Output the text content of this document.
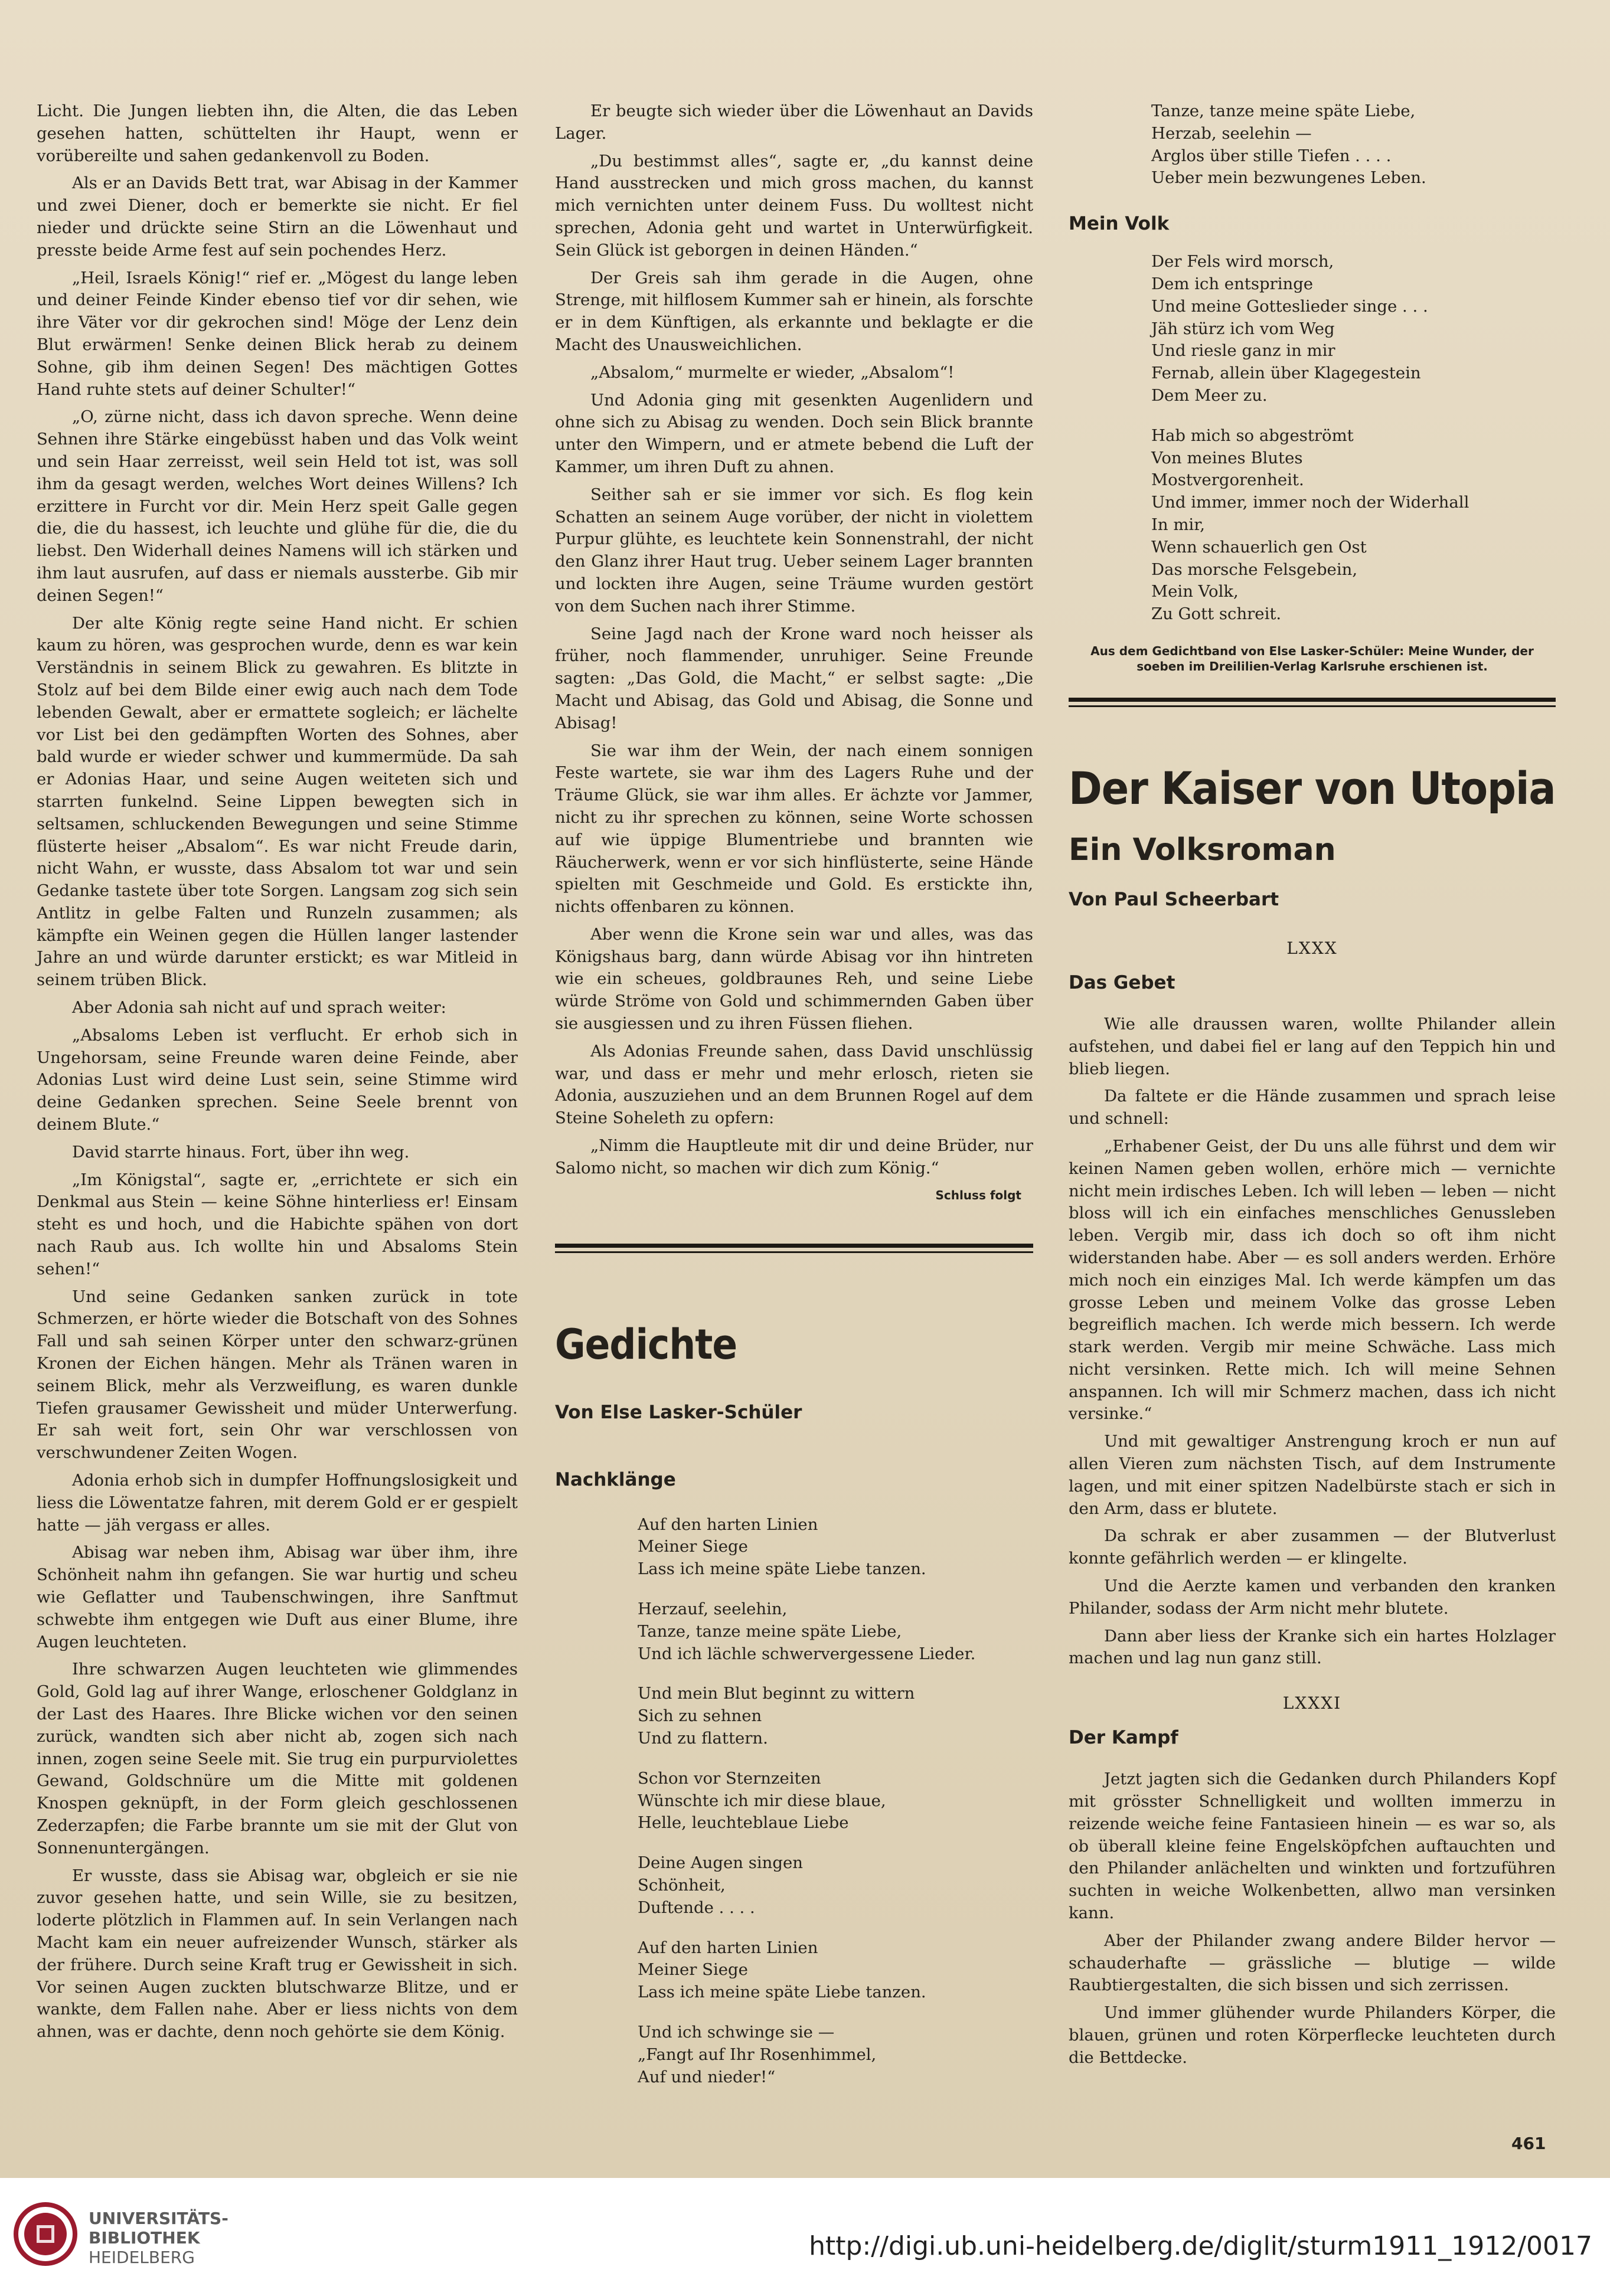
Licht. Die Jungen liebten ihn, die Alten, die das Leben gesehen hatten, schüttelten ihr Haupt, wenn er vorübereilte und sahen gedankenvoll zu Boden.

Als er an Davids Bett trat, war Abisag in der Kammer und zwei Diener, doch er bemerkte sie nicht. Er fiel nieder und drückte seine Stirn an die Löwenhaut und presste beide Arme fest auf sein pochendes Herz.

„Heil, Israels König!“ rief er. „Mögest du lange leben und deiner Feinde Kinder ebenso tief vor dir sehen, wie ihre Väter vor dir gekrochen sind! Möge der Lenz dein Blut erwärmen! Senke deinen Blick herab zu deinem Sohne, gib ihm deinen Segen! Des mächtigen Gottes Hand ruhte stets auf deiner Schulter!“

„O, zürne nicht, dass ich davon spreche. Wenn deine Sehnen ihre Stärke eingebüsst haben und das Volk weint und sein Haar zerreisst, weil sein Held tot ist, was soll ihm da gesagt werden, welches Wort deines Willens? Ich erzittere in Furcht vor dir. Mein Herz speit Galle gegen die, die du hassest, ich leuchte und glühe für die, die du liebst. Den Widerhall deines Namens will ich stärken und ihm laut ausrufen, auf dass er niemals aussterbe. Gib mir deinen Segen!“

Der alte König regte seine Hand nicht. Er schien kaum zu hören, was gesprochen wurde, denn es war kein Verständnis in seinem Blick zu gewahren. Es blitzte in Stolz auf bei dem Bilde einer ewig auch nach dem Tode lebenden Gewalt, aber er ermattete sogleich; er lächelte vor List bei den gedämpften Worten des Sohnes, aber bald wurde er wieder schwer und kummermüde. Da sah er Adonias Haar, und seine Augen weiteten sich und starrten funkelnd. Seine Lippen bewegten sich in seltsamen, schluckenden Bewegungen und seine Stimme flüsterte heiser „Absalom“. Es war nicht Freude darin, nicht Wahn, er wusste, dass Absalom tot war und sein Gedanke tastete über tote Sorgen. Langsam zog sich sein Antlitz in gelbe Falten und Runzeln zusammen; als kämpfte ein Weinen gegen die Hüllen langer lastender Jahre an und würde darunter erstickt; es war Mitleid in seinem trüben Blick.

Aber Adonia sah nicht auf und sprach weiter:

„Absaloms Leben ist verflucht. Er erhob sich in Ungehorsam, seine Freunde waren deine Feinde, aber Adonias Lust wird deine Lust sein, seine Stimme wird deine Gedanken sprechen. Seine Seele brennt von deinem Blute.“

David starrte hinaus. Fort, über ihn weg.

„Im Königstal“, sagte er, „errichtete er sich ein Denkmal aus Stein — keine Söhne hinterliess er! Einsam steht es und hoch, und die Habichte spähen von dort nach Raub aus. Ich wollte hin und Absaloms Stein sehen!“

Und seine Gedanken sanken zurück in tote Schmerzen, er hörte wieder die Botschaft von des Sohnes Fall und sah seinen Körper unter den schwarz-grünen Kronen der Eichen hängen. Mehr als Tränen waren in seinem Blick, mehr als Verzweiflung, es waren dunkle Tiefen grausamer Gewissheit und müder Unterwerfung. Er sah weit fort, sein Ohr war verschlossen von verschwundener Zeiten Wogen.

Adonia erhob sich in dumpfer Hoffnungslosigkeit und liess die Löwentatze fahren, mit derem Gold er er gespielt hatte — jäh vergass er alles.

Abisag war neben ihm, Abisag war über ihm, ihre Schönheit nahm ihn gefangen. Sie war hurtig und scheu wie Geflatter und Taubenschwingen, ihre Sanftmut schwebte ihm entgegen wie Duft aus einer Blume, ihre Augen leuchteten.

Ihre schwarzen Augen leuchteten wie glimmendes Gold, Gold lag auf ihrer Wange, erloschener Goldglanz in der Last des Haares. Ihre Blicke wichen vor den seinen zurück, wandten sich aber nicht ab, zogen sich nach innen, zogen seine Seele mit. Sie trug ein purpurviolettes Gewand, Goldschnüre um die Mitte mit goldenen Knospen geknüpft, in der Form gleich geschlossenen Zederzapfen; die Farbe brannte um sie mit der Glut von Sonnenuntergängen.

Er wusste, dass sie Abisag war, obgleich er sie nie zuvor gesehen hatte, und sein Wille, sie zu besitzen, loderte plötzlich in Flammen auf. In sein Verlangen nach Macht kam ein neuer aufreizender Wunsch, stärker als der frühere. Durch seine Kraft trug er Gewissheit in sich. Vor seinen Augen zuckten blutschwarze Blitze, und er wankte, dem Fallen nahe. Aber er liess nichts von dem ahnen, was er dachte, denn noch gehörte sie dem König.

Er beugte sich wieder über die Löwenhaut an Davids Lager.

„Du bestimmst alles“, sagte er, „du kannst deine Hand ausstrecken und mich gross machen, du kannst mich vernichten unter deinem Fuss. Du wolltest nicht sprechen, Adonia geht und wartet in Unterwürfigkeit. Sein Glück ist geborgen in deinen Händen.“

Der Greis sah ihm gerade in die Augen, ohne Strenge, mit hilflosem Kummer sah er hinein, als forschte er in dem Künftigen, als erkannte und beklagte er die Macht des Unausweichlichen.

„Absalom,“ murmelte er wieder, „Absalom“!

Und Adonia ging mit gesenkten Augenlidern und ohne sich zu Abisag zu wenden. Doch sein Blick brannte unter den Wimpern, und er atmete bebend die Luft der Kammer, um ihren Duft zu ahnen.

Seither sah er sie immer vor sich. Es flog kein Schatten an seinem Auge vorüber, der nicht in violettem Purpur glühte, es leuchtete kein Sonnenstrahl, der nicht den Glanz ihrer Haut trug. Ueber seinem Lager brannten und lockten ihre Augen, seine Träume wurden gestört von dem Suchen nach ihrer Stimme.

Seine Jagd nach der Krone ward noch heisser als früher, noch flammender, unruhiger. Seine Freunde sagten: „Das Gold, die Macht,“ er selbst sagte: „Die Macht und Abisag, das Gold und Abisag, die Sonne und Abisag!

Sie war ihm der Wein, der nach einem sonnigen Feste wartete, sie war ihm des Lagers Ruhe und der Träume Glück, sie war ihm alles. Er ächzte vor Jammer, nicht zu ihr sprechen zu können, seine Worte schossen auf wie üppige Blumentriebe und brannten wie Räucherwerk, wenn er vor sich hinflüsterte, seine Hände spielten mit Geschmeide und Gold. Es erstickte ihn, nichts offenbaren zu können.

Aber wenn die Krone sein war und alles, was das Königshaus barg, dann würde Abisag vor ihn hintreten wie ein scheues, goldbraunes Reh, und seine Liebe würde Ströme von Gold und schimmernden Gaben über sie ausgiessen und zu ihren Füssen fliehen.

Als Adonias Freunde sahen, dass David unschlüssig war, und dass er mehr und mehr erlosch, rieten sie Adonia, auszuziehen und an dem Brunnen Rogel auf dem Steine Soheleth zu opfern:

„Nimm die Hauptleute mit dir und deine Brüder, nur Salomo nicht, so machen wir dich zum König.“

Schluss folgt

Gedichte

Von Else Lasker-Schüler

Nachklänge

Auf den harten Linien
Meiner Siege
Lass ich meine späte Liebe tanzen.
Herzauf, seelehin,
Tanze, tanze meine späte Liebe,
Und ich lächle schwervergessene Lieder.
Und mein Blut beginnt zu wittern
Sich zu sehnen
Und zu flattern.
Schon vor Sternzeiten
Wünschte ich mir diese blaue,
Helle, leuchteblaue Liebe
Deine Augen singen
Schönheit,
Duftende . . . .
Auf den harten Linien
Meiner Siege
Lass ich meine späte Liebe tanzen.
Und ich schwinge sie —
„Fangt auf Ihr Rosenhimmel,
Auf und nieder!“
Tanze, tanze meine späte Liebe,
Herzab, seelehin —
Arglos über stille Tiefen . . . .
Ueber mein bezwungenes Leben.

Mein Volk

Der Fels wird morsch,
Dem ich entspringe
Und meine Gotteslieder singe . . .
Jäh stürz ich vom Weg
Und riesle ganz in mir
Fernab, allein über Klagegestein
Dem Meer zu.
Hab mich so abgeströmt
Von meines Blutes
Mostvergorenheit.
Und immer, immer noch der Widerhall
In mir,
Wenn schauerlich gen Ost
Das morsche Felsgebein,
Mein Volk,
Zu Gott schreit.

Aus dem Gedichtband von Else Lasker-Schüler: Meine Wunder, der soeben im Dreililien-Verlag Karlsruhe erschienen ist.

Der Kaiser von Utopia

Ein Volksroman

Von Paul Scheerbart

LXXX

Das Gebet

Wie alle draussen waren, wollte Philander allein aufstehen, und dabei fiel er lang auf den Teppich hin und blieb liegen.

Da faltete er die Hände zusammen und sprach leise und schnell:

„Erhabener Geist, der Du uns alle führst und dem wir keinen Namen geben wollen, erhöre mich — vernichte nicht mein irdisches Leben. Ich will leben — leben — nicht bloss will ich ein einfaches menschliches Genussleben leben. Vergib mir, dass ich doch so oft ihm nicht widerstanden habe. Aber — es soll anders werden. Erhöre mich noch ein einziges Mal. Ich werde kämpfen um das grosse Leben und meinem Volke das grosse Leben begreiflich machen. Ich werde mich bessern. Ich werde stark werden. Vergib mir meine Schwäche. Lass mich nicht versinken. Rette mich. Ich will meine Sehnen anspannen. Ich will mir Schmerz machen, dass ich nicht versinke.“

Und mit gewaltiger Anstrengung kroch er nun auf allen Vieren zum nächsten Tisch, auf dem Instrumente lagen, und mit einer spitzen Nadelbürste stach er sich in den Arm, dass er blutete.

Da schrak er aber zusammen — der Blutverlust konnte gefährlich werden — er klingelte.

Und die Aerzte kamen und verbanden den kranken Philander, sodass der Arm nicht mehr blutete.

Dann aber liess der Kranke sich ein hartes Holzlager machen und lag nun ganz still.

LXXXI

Der Kampf

Jetzt jagten sich die Gedanken durch Philanders Kopf mit grösster Schnelligkeit und wollten immerzu in reizende weiche feine Fantasieen hinein — es war so, als ob überall kleine feine Engelsköpfchen auftauchten und den Philander anlächelten und winkten und fortzuführen suchten in weiche Wolkenbetten, allwo man versinken kann.

Aber der Philander zwang andere Bilder hervor — schauderhafte — grässliche — blutige — wilde Raubtiergestalten, die sich bissen und sich zerrissen.

Und immer glühender wurde Philanders Körper, die blauen, grünen und roten Körperflecke leuchteten durch die Bettdecke.

461
UNIVERSITÄTS-
BIBLIOTHEK
HEIDELBERG	http://digi.ub.uni-heidelberg.de/diglit/sturm1911_1912/0017
